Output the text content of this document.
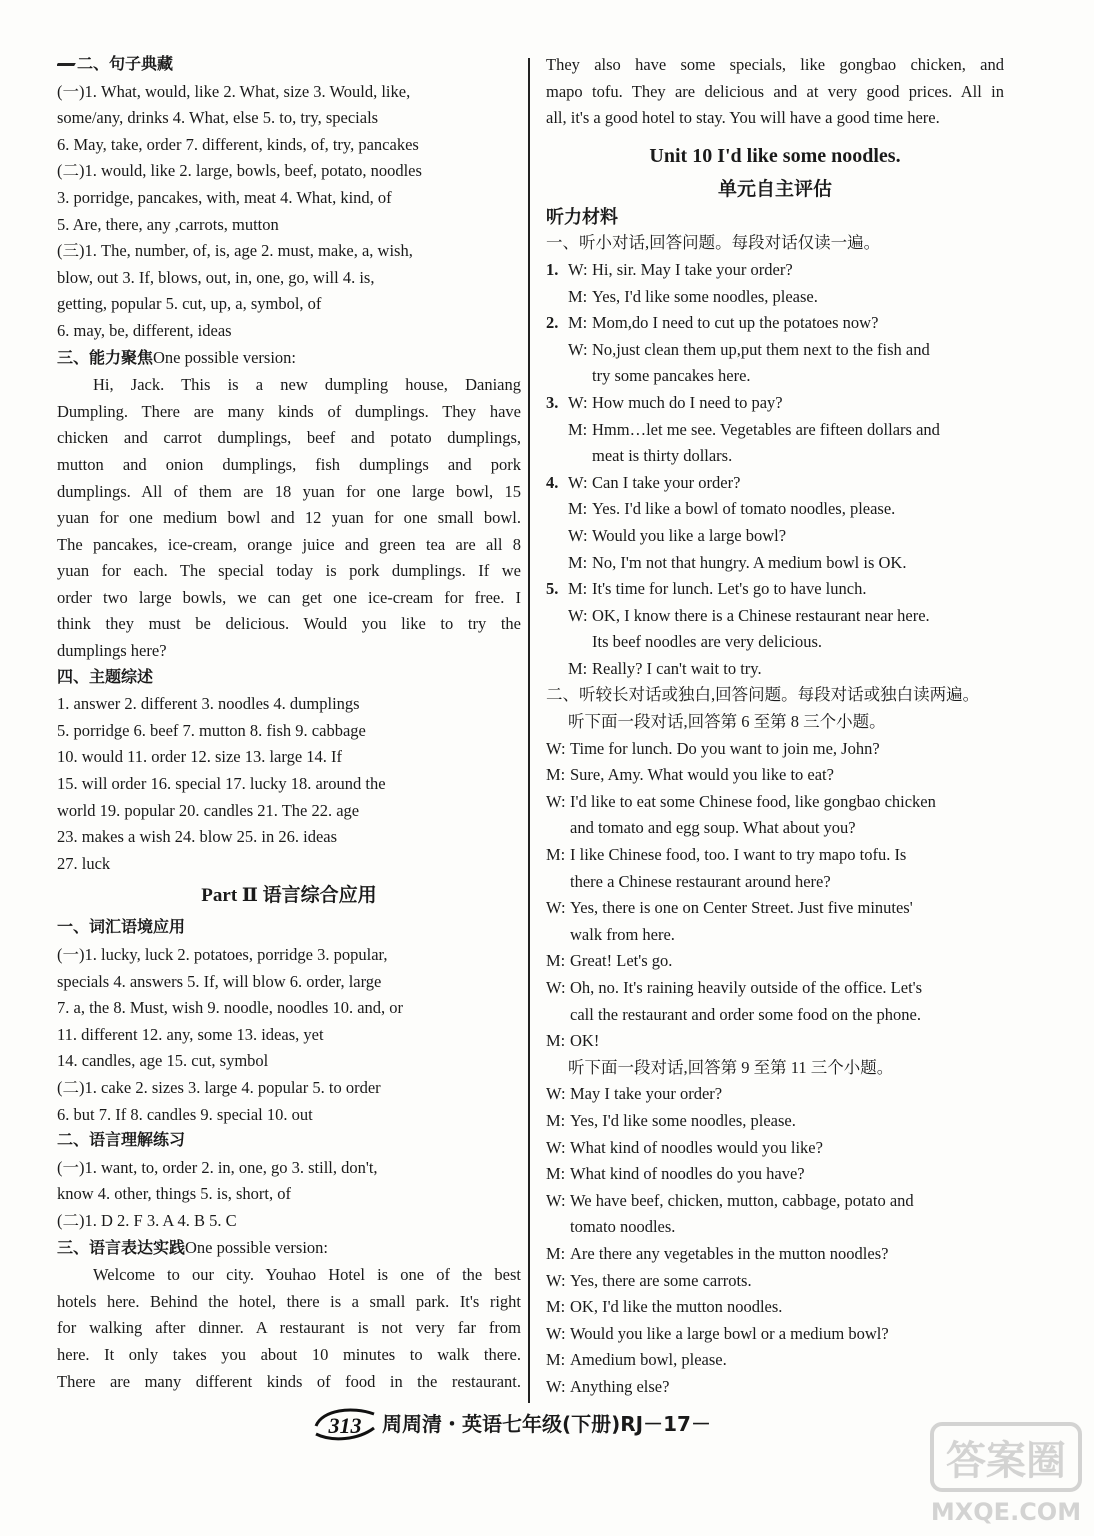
二、句子典藏
(一)1. What, would, like 2. What, size 3. Would, like,
some/any, drinks 4. What, else 5. to, try, specials
6. May, take, order 7. different, kinds, of, try, pancakes
(二)1. would, like 2. large, bowls, beef, potato, noodles
3. porridge, pancakes, with, meat 4. What, kind, of
5. Are, there, any ,carrots, mutton
(三)1. The, number, of, is, age 2. must, make, a, wish,
blow, out 3. If, blows, out, in, one, go, will 4. is,
getting, popular 5. cut, up, a, symbol, of
6. may, be, different, ideas
三、能力聚焦One possible version:
Hi, Jack. This is a new dumpling house, Daniang
Dumpling. There are many kinds of dumplings. They have
chicken and carrot dumplings, beef and potato dumplings,
mutton and onion dumplings, fish dumplings and pork
dumplings. All of them are 18 yuan for one large bowl, 15
yuan for one medium bowl and 12 yuan for one small bowl.
The pancakes, ice-cream, orange juice and green tea are all 8
yuan for each. The special today is pork dumplings. If we
order two large bowls, we can get one ice-cream for free. I
think they must be delicious. Would you like to try the
dumplings here?
四、主题综述
1. answer 2. different 3. noodles 4. dumplings
5. porridge 6. beef 7. mutton 8. fish 9. cabbage
10. would 11. order 12. size 13. large 14. If
15. will order 16. special 17. lucky 18. around the
world 19. popular 20. candles 21. The 22. age
23. makes a wish 24. blow 25. in 26. ideas
27. luck
Part Ⅱ 语言综合应用
一、词汇语境应用
(一)1. lucky, luck 2. potatoes, porridge 3. popular,
specials 4. answers 5. If, will blow 6. order, large
7. a, the 8. Must, wish 9. noodle, noodles 10. and, or
11. different 12. any, some 13. ideas, yet
14. candles, age 15. cut, symbol
(二)1. cake 2. sizes 3. large 4. popular 5. to order
6. but 7. If 8. candles 9. special 10. out
二、语言理解练习
(一)1. want, to, order 2. in, one, go 3. still, don't,
know 4. other, things 5. is, short, of
(二)1. D 2. F 3. A 4. B 5. C
三、语言表达实践One possible version:
Welcome to our city. Youhao Hotel is one of the best
hotels here. Behind the hotel, there is a small park. It's right
for walking after dinner. A restaurant is not very far from
here. It only takes you about 10 minutes to walk there.
There are many different kinds of food in the restaurant.
They also have some specials, like gongbao chicken, and
mapo tofu. They are delicious and at very good prices. All in
all, it's a good hotel to stay. You will have a good time here.
Unit 10 I'd like some noodles.
单元自主评估
听力材料
一、听小对话,回答问题。每段对话仅读一遍。
1. W: Hi, sir. May I take your order?
M: Yes, I'd like some noodles, please.
2. M: Mom,do I need to cut up the potatoes now?
W: No,just clean them up,put them next to the fish and
try some pancakes here.
3. W: How much do I need to pay?
M: Hmm…let me see. Vegetables are fifteen dollars and
meat is thirty dollars.
4. W: Can I take your order?
M: Yes. I'd like a bowl of tomato noodles, please.
W: Would you like a large bowl?
M: No, I'm not that hungry. A medium bowl is OK.
5. M: It's time for lunch. Let's go to have lunch.
W: OK, I know there is a Chinese restaurant near here.
Its beef noodles are very delicious.
M: Really? I can't wait to try.
二、听较长对话或独白,回答问题。每段对话或独白读两遍。
听下面一段对话,回答第 6 至第 8 三个小题。
W: Time for lunch. Do you want to join me, John?
M: Sure, Amy. What would you like to eat?
W: I'd like to eat some Chinese food, like gongbao chicken
and tomato and egg soup. What about you?
M: I like Chinese food, too. I want to try mapo tofu. Is
there a Chinese restaurant around here?
W: Yes, there is one on Center Street. Just five minutes'
walk from here.
M: Great! Let's go.
W: Oh, no. It's raining heavily outside of the office. Let's
call the restaurant and order some food on the phone.
M: OK!
听下面一段对话,回答第 9 至第 11 三个小题。
W: May I take your order?
M: Yes, I'd like some noodles, please.
W: What kind of noodles would you like?
M: What kind of noodles do you have?
W: We have beef, chicken, mutton, cabbage, potato and
tomato noodles.
M: Are there any vegetables in the mutton noodles?
W: Yes, there are some carrots.
M: OK, I'd like the mutton noodles.
W: Would you like a large bowl or a medium bowl?
M: Amedium bowl, please.
W: Anything else?
313 周周清・英语七年级(下册)RJ－17－
答案圈
MXQE.COM
